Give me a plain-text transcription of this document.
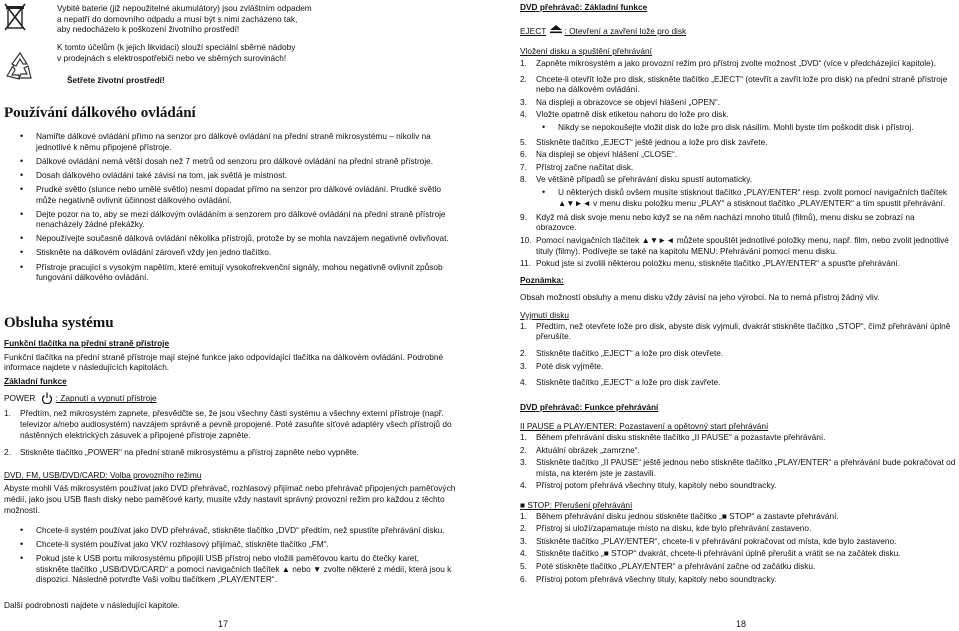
Vybité baterie (již nepoužitelné akumulátory) jsou zvláštním odpadem

a nepatří do domovního odpadu a musí být s nimi zacházeno tak,

aby nedocházelo k poškození životního prostředí!

K tomto účelům (k jejich likvidaci) slouží speciální sběrné nádoby

v prodejnách s elektrospotřebiči nebo ve sběrných surovinách!

Šetřete životní prostředí!

Používání dálkového ovládání

• Namiřte dálkové ovládání přímo na senzor pro dálkové ovládání na přední straně mikrosystému – nikoliv na jednotlivé k němu připojené přístroje.
• Dálkové ovládání nemá větší dosah než 7 metrů od senzoru pro dálkové ovládání na přední straně přístroje.
• Dosah dálkového ovládání také závisí na tom, jak světlá je místnost.
• Prudké světlo (slunce nebo umělé světlo) nesmí dopadat přímo na senzor pro dálkové ovládání. Prudké světlo může negativně ovlivnit účinnost dálkového ovládání.
• Dejte pozor na to, aby se mezi dálkovým ovládáním a senzorem pro dálkové ovládání na přední straně přístroje nenacházely žádné překážky.
• Nepoužívejte současně dálková ovládání několika přístrojů, protože by se mohla navzájem negativně ovlivňovat.
• Stiskněte na dálkovém ovládání zároveň vždy jen jedno tlačítko.
• Přístroje pracující s vysokým napětím, které emitují vysokofrekvenční signály, mohou negativně ovlivnit způsob fungování dálkového ovládání.

Obsluha systému

Funkční tlačítka na přední straně přístroje

Funkční tlačítka na přední straně přístroje mají stejné funkce jako odpovídající tlačítka na dálkovém ovládání. Podrobné informace najdete v následujících kapitolách.

Základní funkce

POWER : Zapnutí a vypnutí přístroje

1. Předtím, než mikrosystém zapnete, přesvědčte se, že jsou všechny části systému a všechny externí přístroje (např. televizor a/nebo audiosystém) navzájem správně a pevně propojené. Poté zasuňte síťové adaptéry všech přístrojů do nástěnných elektrických zásuvek a připojené přístroje zapněte.
2. Stiskněte tlačítko „POWER“ na přední straně mikrosystému a přístroj zapněte nebo vypněte.

DVD, FM, USB/DVD/CARD: Volba provozního režimu

Abyste mohli Váš mikrosystém používat jako DVD přehrávač, rozhlasový přijímač nebo přehrávač připojených paměťových médií, jako jsou USB flash disky nebo paměťové karty, musíte vždy nastavit správný provozní režim pro každou z těchto možností.

• Chcete-li systém používat jako DVD přehrávač, stiskněte tlačítko „DVD“ předtím, než spustíte přehrávání disku.
• Chcete-li systém používat jako VKV rozhlasový přijímač, stiskněte tlačítko „FM“.
• Pokud jste k USB portu mikrosystému připojili USB přístroj nebo vložili paměťovou kartu do čtečky karet, stiskněte tlačítko „USB/DVD/CARD“ a pomocí navigačních tlačítek ▲ nebo ▼ zvolte některé z médií, která jsou k dispozici. Následně potvrďte Vaši volbu tlačítkem „PLAY/ENTER“.

Další podrobnosti najdete v následující kapitole.

17

DVD přehrávač: Základní funkce

EJECT : Otevření a zavření lože pro disk

Vložení disku a spuštění přehrávání

1. Zapněte mikrosystém a jako provozní režim pro přístroj zvolte možnost „DVD“ (více v předcházející kapitole).
2. Chcete-li otevřít lože pro disk, stiskněte tlačítko „EJECT“ (otevřít a zavřít lože pro disk) na přední straně přístroje nebo na dálkovém ovládání.
3. Na displeji a obrazovce se objeví hlášení „OPEN“.
4. Vložte opatrně disk etiketou nahoru do lože pro disk.
• Nikdy se nepokoušejte vložit disk do lože pro disk násilím. Mohli byste tím poškodit disk i přístroj.
5. Stiskněte tlačítko „EJECT“ ještě jednou a lože pro disk zavřete.
6. Na displeji se objeví hlášení „CLOSE“.
7. Přístroj začne načítat disk.
8. Ve většině případů se přehrávání disku spustí automaticky.
• U některých disků ovšem musíte stisknout tlačítko „PLAY/ENTER“ resp. zvolit pomocí navigačních tlačítek ▲▼►◄ v menu disku položku menu „PLAY“ a stisknout tlačítko „PLAY/ENTER“ a tím spustit přehrávání.
9. Když má disk svoje menu nebo když se na něm nachází mnoho titulů (filmů), menu disku se zobrazí na obrazovce.
10. Pomocí navigačních tlačítek ▲▼►◄ můžete spouštět jednotlivé položky menu, např. film, nebo zvolit jednotlivé tituly (filmy). Podívejte se také na kapitolu MENU: Přehrávání pomocí menu disku.
11. Pokud jste si zvolili některou položku menu, stiskněte tlačítko „PLAY/ENTER“ a spusťte přehrávání.

Poznámka:

Obsah možností obsluhy a menu disku vždy závisí na jeho výrobci. Na to nemá přístroj žádný vliv.

Vyjmutí disku

1. Předtím, než otevřete lože pro disk, abyste disk vyjmuli, dvakrát stiskněte tlačítko „STOP“, čímž přehrávání úplně přerušíte.
2. Stiskněte tlačítko „EJECT“ a lože pro disk otevřete.
3. Poté disk vyjměte.
4. Stiskněte tlačítko „EJECT“ a lože pro disk zavřete.

DVD přehrávač: Funkce přehrávání

II PAUSE a PLAY/ENTER: Pozastavení a opětovný start přehrávání

1. Během přehrávání disku stiskněte tlačítko „II PAUSE“ a pozastavte přehrávání.
2. Aktuální obrázek „zamrzne“.
3. Stiskněte tlačítko „II PAUSE“ ještě jednou nebo stiskněte tlačítko „PLAY/ENTER“ a přehrávání bude pokračovat od místa, na kterém jste je zastavili.
4. Přístroj potom přehrává všechny tituly, kapitoly nebo soundtracky.

■ STOP: Přerušení přehrávání

1. Během přehrávání disku jednou stiskněte tlačítko „■ STOP“ a zastavte přehrávání.
2. Přístroj si uloží/zapamatuje místo na disku, kde bylo přehrávání zastaveno.
3. Stiskněte tlačítko „PLAY/ENTER“, chcete-li v přehrávání pokračovat od místa, kde bylo zastaveno.
4. Stiskněte tlačítko „■ STOP“ dvakrát, chcete-li přehrávání úplně přerušit a vrátit se na začátek disku.
5. Poté stiskněte tlačítko „PLAY/ENTER“ a přehrávání začne od začátku disku.
6. Přístroj potom přehrává všechny tituly, kapitoly nebo soundtracky.
18
